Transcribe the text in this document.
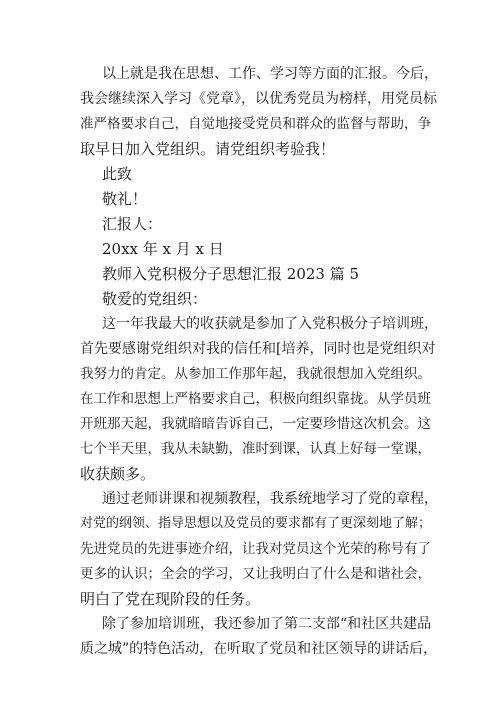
以上就是我在思想、工作、学习等方面的汇报。今后，
我会继续深入学习《党章》，以优秀党员为榜样，用党员标
准严格要求自己，自觉地接受党员和群众的监督与帮助，争
取早日加入党组织。请党组织考验我！
此致
敬礼！
汇报人：
20xx 年 x 月 x 日
教师入党积极分子思想汇报 2023 篇 5
敬爱的党组织：
这一年我最大的收获就是参加了入党积极分子培训班，
首先要感谢党组织对我的信任和[培养，同时也是党组织对
我努力的肯定。从参加工作那年起，我就很想加入党组织。
在工作和思想上严格要求自己，积极向组织靠拢。从学员班
开班那天起，我就暗暗告诉自己，一定要珍惜这次机会。这
七个半天里，我从未缺勤，准时到课，认真上好每一堂课，
收获颇多。
通过老师讲课和视频教程，我系统地学习了党的章程，
对党的纲领、指导思想以及党员的要求都有了更深刻地了解；
先进党员的先进事迹介绍，让我对党员这个光荣的称号有了
更多的认识；全会的学习，又让我明白了什么是和谐社会，
明白了党在现阶段的任务。
除了参加培训班，我还参加了第二支部“和社区共建品
质之城”的特色活动，在听取了党员和社区领导的讲话后，
